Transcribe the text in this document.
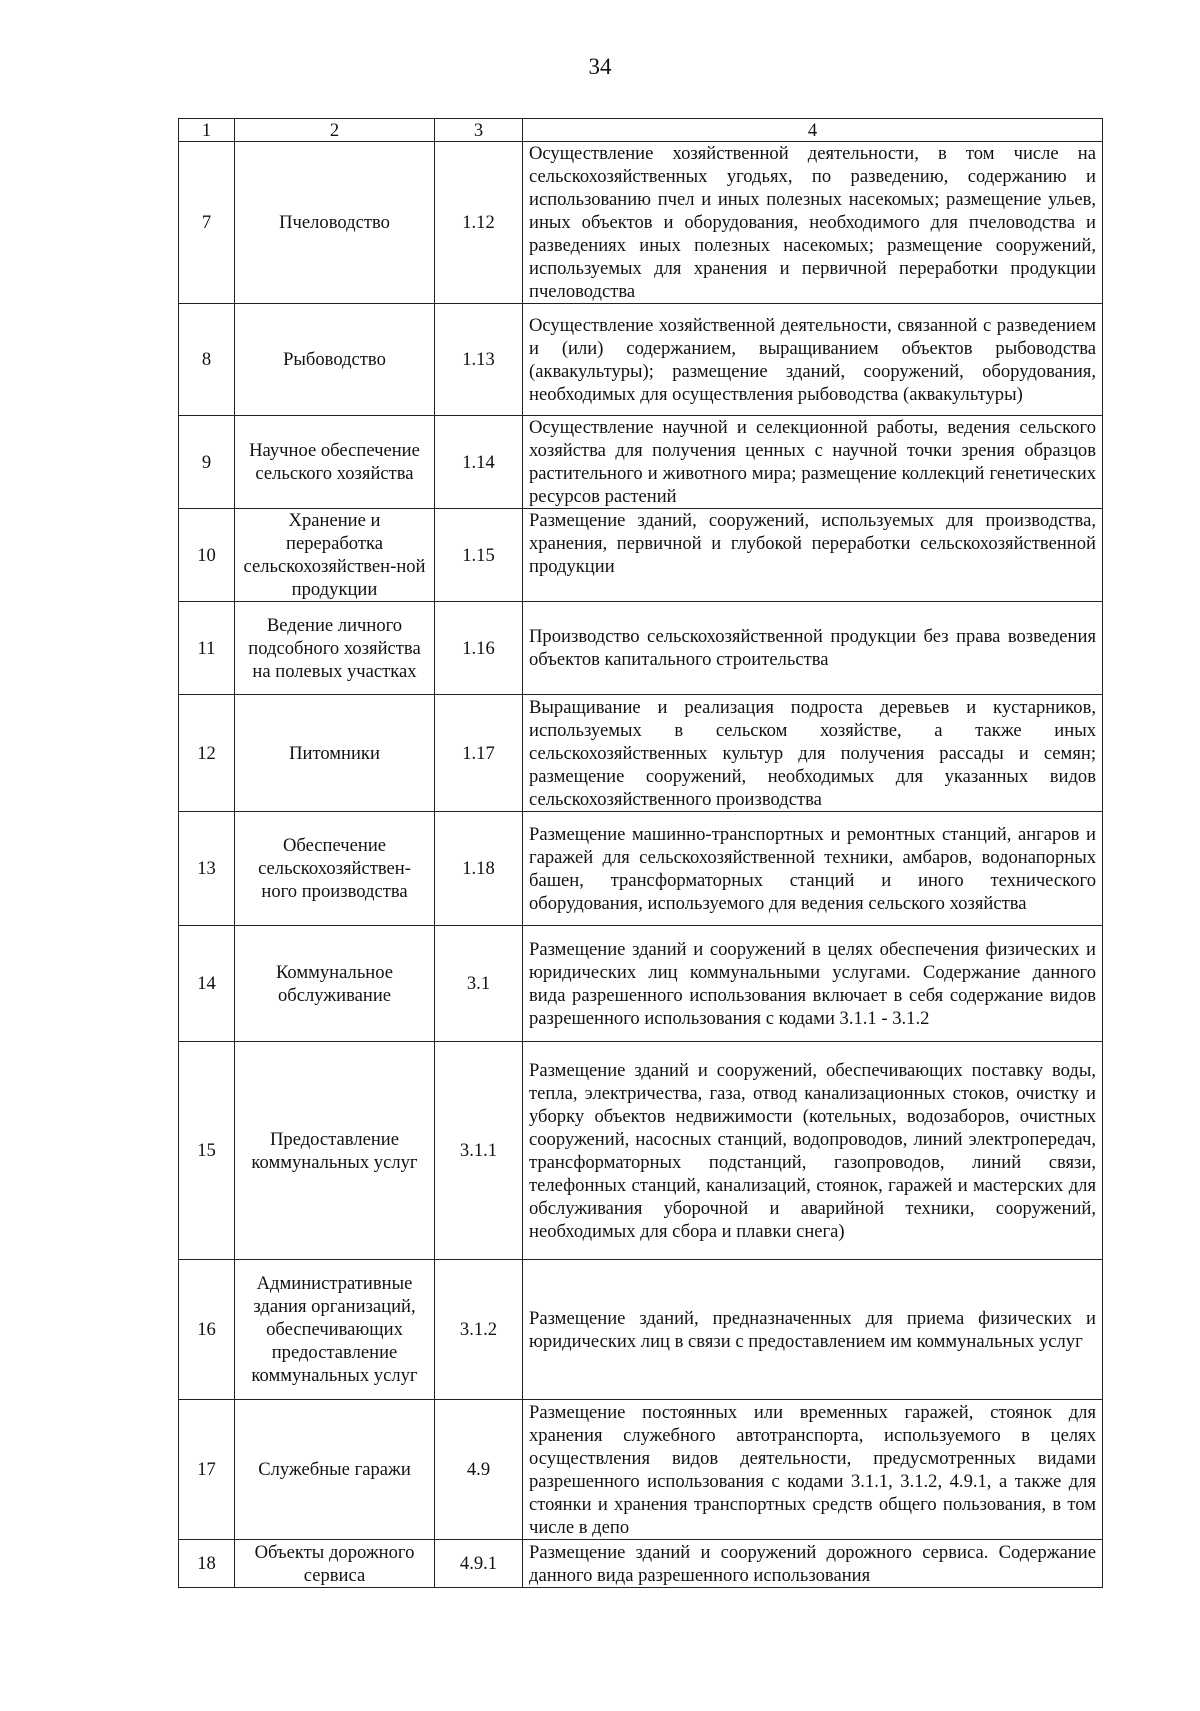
34
1	2	3	4
7	Пчеловодство	1.12	Осуществление хозяйственной деятельности, в том числе на сельскохозяйственных угодьях, по разведению, содержанию и использованию пчел и иных полезных насекомых; размещение ульев, иных объектов и оборудования, необходимого для пчеловодства и разведениях иных полезных насекомых; размещение сооружений, используемых для хранения и первичной переработки продукции пчеловодства
8	Рыбоводство	1.13	Осуществление хозяйственной деятельности, связанной с разведением и (или) содержанием, выращиванием объектов рыбоводства (аквакультуры); размещение зданий, сооружений, оборудования, необходимых для осуществления рыбоводства (аквакультуры)
9	Научное обеспечение сельского хозяйства	1.14	Осуществление научной и селекционной работы, ведения сельского хозяйства для получения ценных с научной точки зрения образцов растительного и животного мира; размещение коллекций генетических ресурсов растений
10	Хранение и переработка сельскохозяйствен-ной продукции	1.15	Размещение зданий, сооружений, используемых для производства, хранения, первичной и глубокой переработки сельскохозяйственной продукции
11	Ведение личного подсобного хозяйства на полевых участках	1.16	Производство сельскохозяйственной продукции без права возведения объектов капитального строительства
12	Питомники	1.17	Выращивание и реализация подроста деревьев и кустарников, используемых в сельском хозяйстве, а также иных сельскохозяйственных культур для получения рассады и семян; размещение сооружений, необходимых для указанных видов сельскохозяйственного производства
13	Обеспечение сельскохозяйствен-ного производства	1.18	Размещение машинно-транспортных и ремонтных станций, ангаров и гаражей для сельскохозяйственной техники, амбаров, водонапорных башен, трансформаторных станций и иного технического оборудования, используемого для ведения сельского хозяйства
14	Коммунальное обслуживание	3.1	Размещение зданий и сооружений в целях обеспечения физических и юридических лиц коммунальными услугами. Содержание данного вида разрешенного использования включает в себя содержание видов разрешенного использования с кодами 3.1.1 - 3.1.2
15	Предоставление коммунальных услуг	3.1.1	Размещение зданий и сооружений, обеспечивающих поставку воды, тепла, электричества, газа, отвод канализационных стоков, очистку и уборку объектов недвижимости (котельных, водозаборов, очистных сооружений, насосных станций, водопроводов, линий электропередач, трансформаторных подстанций, газопроводов, линий связи, телефонных станций, канализаций, стоянок, гаражей и мастерских для обслуживания уборочной и аварийной техники, сооружений, необходимых для сбора и плавки снега)
16	Административные здания организаций, обеспечивающих предоставление коммунальных услуг	3.1.2	Размещение зданий, предназначенных для приема физических и юридических лиц в связи с предоставлением им коммунальных услуг
17	Служебные гаражи	4.9	Размещение постоянных или временных гаражей, стоянок для хранения служебного автотранспорта, используемого в целях осуществления видов деятельности, предусмотренных видами разрешенного использования с кодами 3.1.1, 3.1.2, 4.9.1, а также для стоянки и хранения транспортных средств общего пользования, в том числе в депо
18	Объекты дорожного сервиса	4.9.1	Размещение зданий и сооружений дорожного сервиса. Содержание данного вида разрешенного использования
